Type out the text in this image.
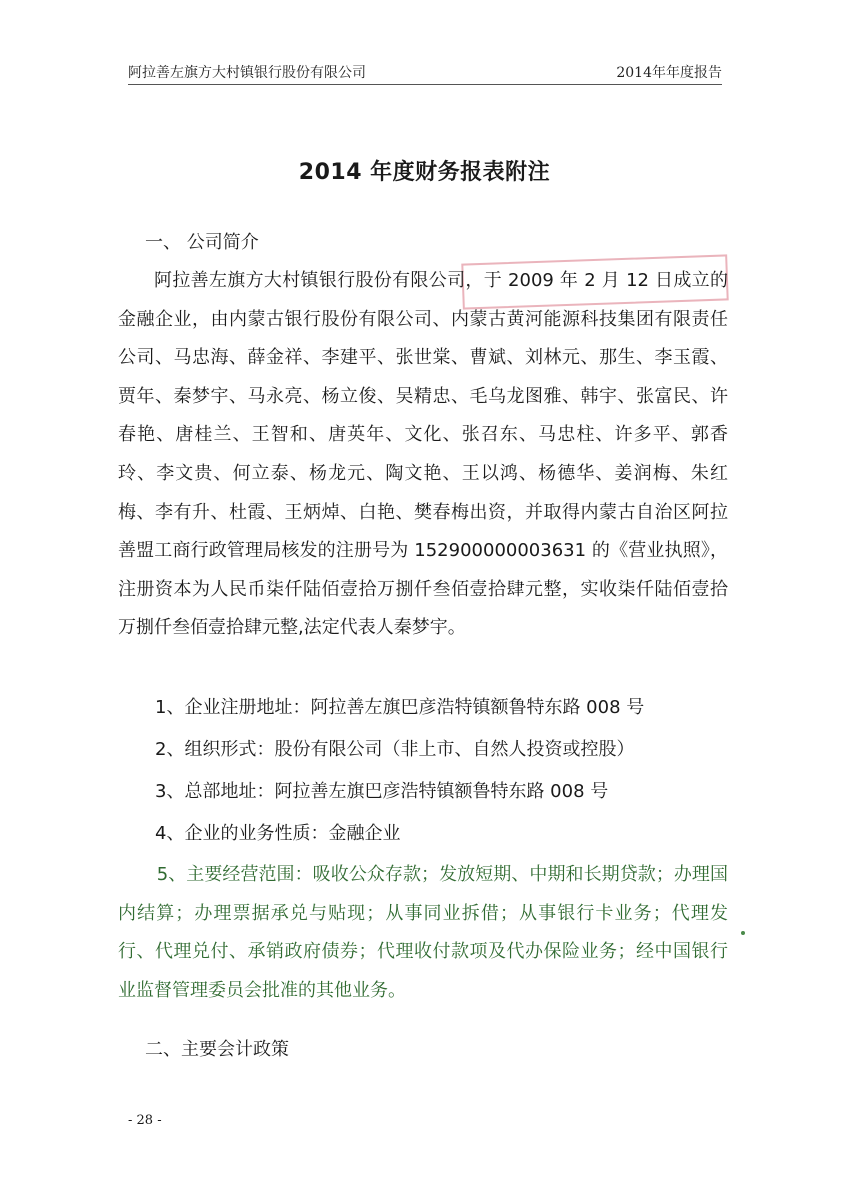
阿拉善左旗方大村镇银行股份有限公司	2014年年度报告
2014 年度财务报表附注
一、 公司简介

阿拉善左旗方大村镇银行股份有限公司，于 2009 年 2 月 12 日成立的金融企业，由内蒙古银行股份有限公司、内蒙古黄河能源科技集团有限责任公司、马忠海、薛金祥、李建平、张世棠、曹斌、刘林元、那生、李玉霞、贾年、秦梦宇、马永亮、杨立俊、吴精忠、毛乌龙图雅、韩宇、张富民、许春艳、唐桂兰、王智和、唐英年、文化、张召东、马忠柱、许多平、郭香玲、李文贵、何立泰、杨龙元、陶文艳、王以鸿、杨德华、姜润梅、朱红梅、李有升、杜霞、王炳焯、白艳、樊春梅出资，并取得内蒙古自治区阿拉善盟工商行政管理局核发的注册号为 152900000003631 的《营业执照》，注册资本为人民币柒仟陆佰壹拾万捌仟叁佰壹拾肆元整，实收柒仟陆佰壹拾万捌仟叁佰壹拾肆元整,法定代表人秦梦宇。

1、企业注册地址：阿拉善左旗巴彦浩特镇额鲁特东路 008 号
2、组织形式：股份有限公司（非上市、自然人投资或控股）
3、总部地址：阿拉善左旗巴彦浩特镇额鲁特东路 008 号
4、企业的业务性质：金融企业

5、主要经营范围：吸收公众存款；发放短期、中期和长期贷款；办理国内结算；办理票据承兑与贴现；从事同业拆借；从事银行卡业务；代理发行、代理兑付、承销政府债券；代理收付款项及代办保险业务；经中国银行业监督管理委员会批准的其他业务。

二、主要会计政策
- 28 -
